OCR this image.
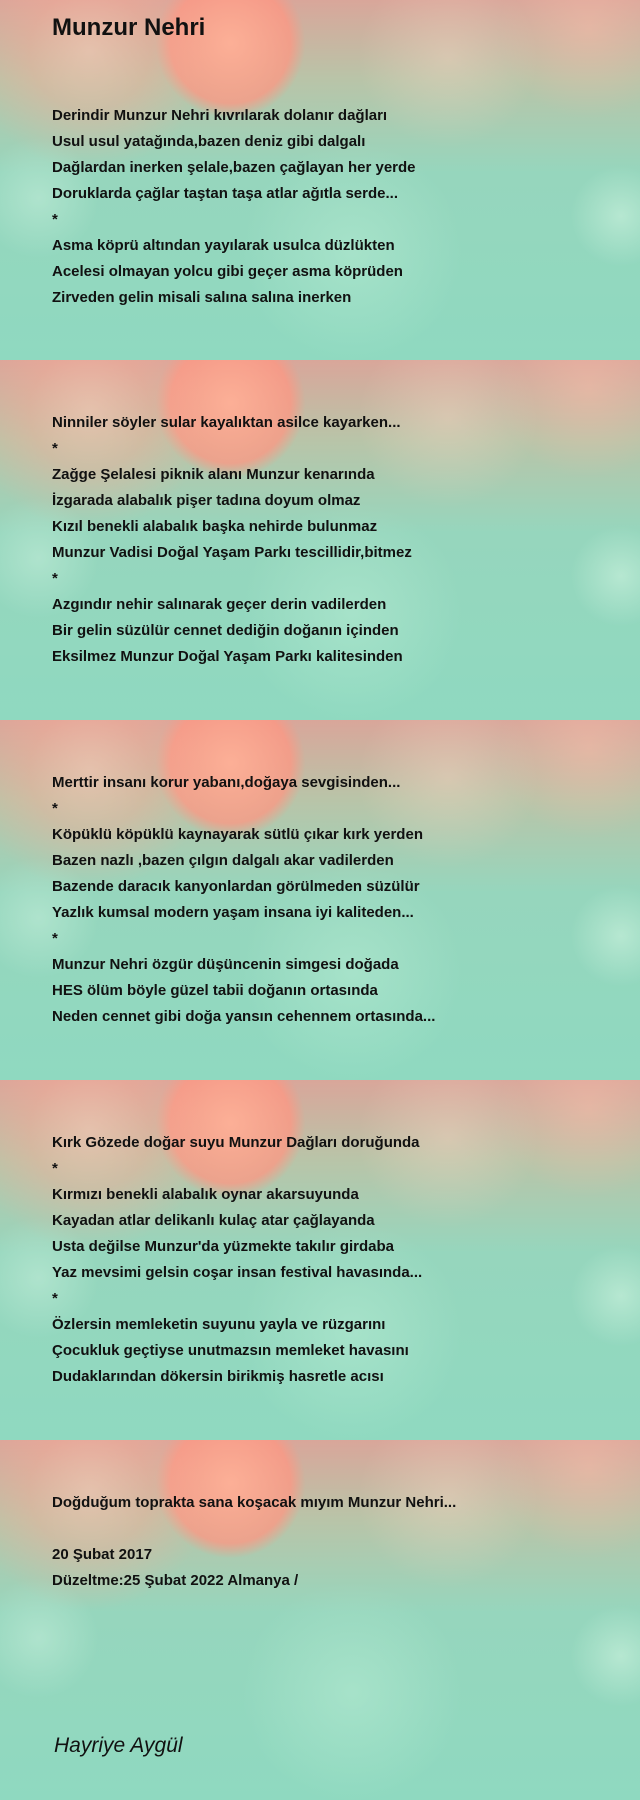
Munzur Nehri
Derindir Munzur Nehri kıvrılarak dolanır dağları
Usul usul yatağında,bazen deniz gibi dalgalı
Dağlardan inerken şelale,bazen çağlayan her yerde
Doruklarda çağlar taştan taşa atlar ağıtla serde...
*
Asma köprü altından yayılarak usulca düzlükten
Acelesi olmayan yolcu gibi geçer asma köprüden
Zirveden gelin misali salına salına inerken
Ninniler söyler sular kayalıktan asilce kayarken...
*
Zağge Şelalesi piknik alanı Munzur kenarında
İzgarada alabalık pişer tadına doyum olmaz
Kızıl benekli alabalık başka nehirde bulunmaz
Munzur Vadisi Doğal Yaşam Parkı tescillidir,bitmez
*
Azgındır nehir salınarak geçer derin vadilerden
Bir gelin süzülür cennet dediğin doğanın içinden
Eksilmez Munzur Doğal Yaşam Parkı kalitesinden
Merttir insanı korur yabanı,doğaya sevgisinden...
*
Köpüklü köpüklü kaynayarak sütlü çıkar kırk yerden
Bazen nazlı ,bazen çılgın dalgalı akar vadilerden
Bazende daracık kanyonlardan görülmeden süzülür
Yazlık kumsal modern yaşam insana iyi kaliteden...
*
Munzur Nehri özgür düşüncenin simgesi doğada
HES ölüm böyle güzel tabii doğanın ortasında
Neden cennet gibi doğa yansın cehennem ortasında...
Kırk Gözede doğar suyu Munzur Dağları doruğunda
*
Kırmızı benekli alabalık oynar akarsuyunda
Kayadan atlar delikanlı kulaç atar çağlayanda
Usta değilse Munzur'da yüzmekte takılır girdaba
Yaz mevsimi gelsin coşar insan festival havasında...
*
Özlersin memleketin suyunu yayla ve rüzgarını
Çocukluk geçtiyse unutmazsın memleket havasını
Dudaklarından dökersin birikmiş hasretle acısı
Doğduğum toprakta sana koşacak mıyım Munzur Nehri...
20 Şubat 2017
Düzeltme:25 Şubat 2022 Almanya /
Hayriye Aygül
